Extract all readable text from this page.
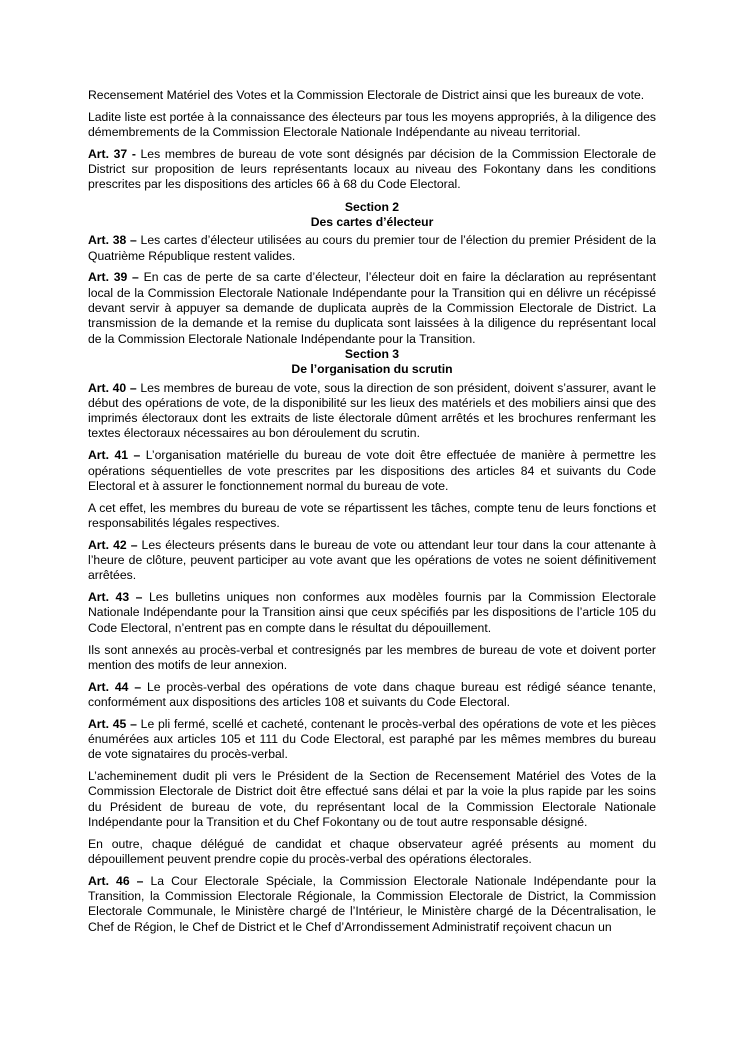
Recensement Matériel des Votes et la Commission Electorale de District ainsi que les bureaux de vote.

Ladite liste est portée à la connaissance des électeurs par tous les moyens appropriés, à la diligence des démembrements de la Commission Electorale Nationale Indépendante au niveau territorial.

Art. 37 - Les membres de bureau de vote sont désignés par décision de la Commission Electorale de District sur proposition de leurs représentants locaux au niveau des Fokontany dans les conditions prescrites par les dispositions des articles 66 à 68 du Code Electoral.

Section 2
Des cartes d’électeur

Art. 38 – Les cartes d’électeur utilisées au cours du premier tour de l’élection du premier Président de la Quatrième République restent valides.

Art. 39 – En cas de perte de sa carte d’électeur, l’électeur doit en faire la déclaration au représentant local de la Commission Electorale Nationale Indépendante pour la Transition qui en délivre un récépissé devant servir à appuyer sa demande de duplicata auprès de la Commission Electorale de District. La transmission de la demande et la remise du duplicata sont laissées à la diligence du représentant local de la Commission Electorale Nationale Indépendante pour la Transition.

Section 3
De l’organisation du scrutin

Art. 40 – Les membres de bureau de vote, sous la direction de son président, doivent s’assurer, avant le début des opérations de vote, de la disponibilité sur les lieux des matériels et des mobiliers ainsi que des imprimés électoraux dont les extraits de liste électorale dûment arrêtés et les brochures renfermant les textes électoraux nécessaires au bon déroulement du scrutin.

Art. 41 – L’organisation matérielle du bureau de vote doit être effectuée de manière à permettre les opérations séquentielles de vote prescrites par les dispositions des articles 84 et suivants du Code Electoral et à assurer le fonctionnement normal du bureau de vote.

A cet effet, les membres du bureau de vote se répartissent les tâches, compte tenu de leurs fonctions et responsabilités légales respectives.

Art. 42 – Les électeurs présents dans le bureau de vote ou attendant leur tour dans la cour attenante à l’heure de clôture, peuvent participer au vote avant que les opérations de votes ne soient définitivement arrêtées.

Art. 43 – Les bulletins uniques non conformes aux modèles fournis par la Commission Electorale Nationale Indépendante pour la Transition ainsi que ceux spécifiés par les dispositions de l’article 105 du Code Electoral, n’entrent pas en compte dans le résultat du dépouillement.

Ils sont annexés au procès-verbal et contresignés par les membres de bureau de vote et doivent porter mention des motifs de leur annexion.

Art. 44 – Le procès-verbal des opérations de vote dans chaque bureau est rédigé séance tenante, conformément aux dispositions des articles 108 et suivants du Code Electoral.

Art. 45 – Le pli fermé, scellé et cacheté, contenant le procès-verbal des opérations de vote et les pièces énumérées aux articles 105 et 111 du Code Electoral, est paraphé par les mêmes membres du bureau de vote signataires du procès-verbal.

L’acheminement dudit pli vers le Président de la Section de Recensement Matériel des Votes de la Commission Electorale de District doit être effectué sans délai et par la voie la plus rapide par les soins du Président de bureau de vote, du représentant local de la Commission Electorale Nationale Indépendante pour la Transition et du Chef Fokontany ou de tout autre responsable désigné.

En outre, chaque délégué de candidat et chaque observateur agréé présents au moment du dépouillement peuvent prendre copie du procès-verbal des opérations électorales.

Art. 46 – La Cour Electorale Spéciale, la Commission Electorale Nationale Indépendante pour la Transition, la Commission Electorale Régionale, la Commission Electorale de District, la Commission Electorale Communale, le Ministère chargé de l’Intérieur, le Ministère chargé de la Décentralisation, le Chef de Région, le Chef de District et le Chef d’Arrondissement Administratif reçoivent chacun un
